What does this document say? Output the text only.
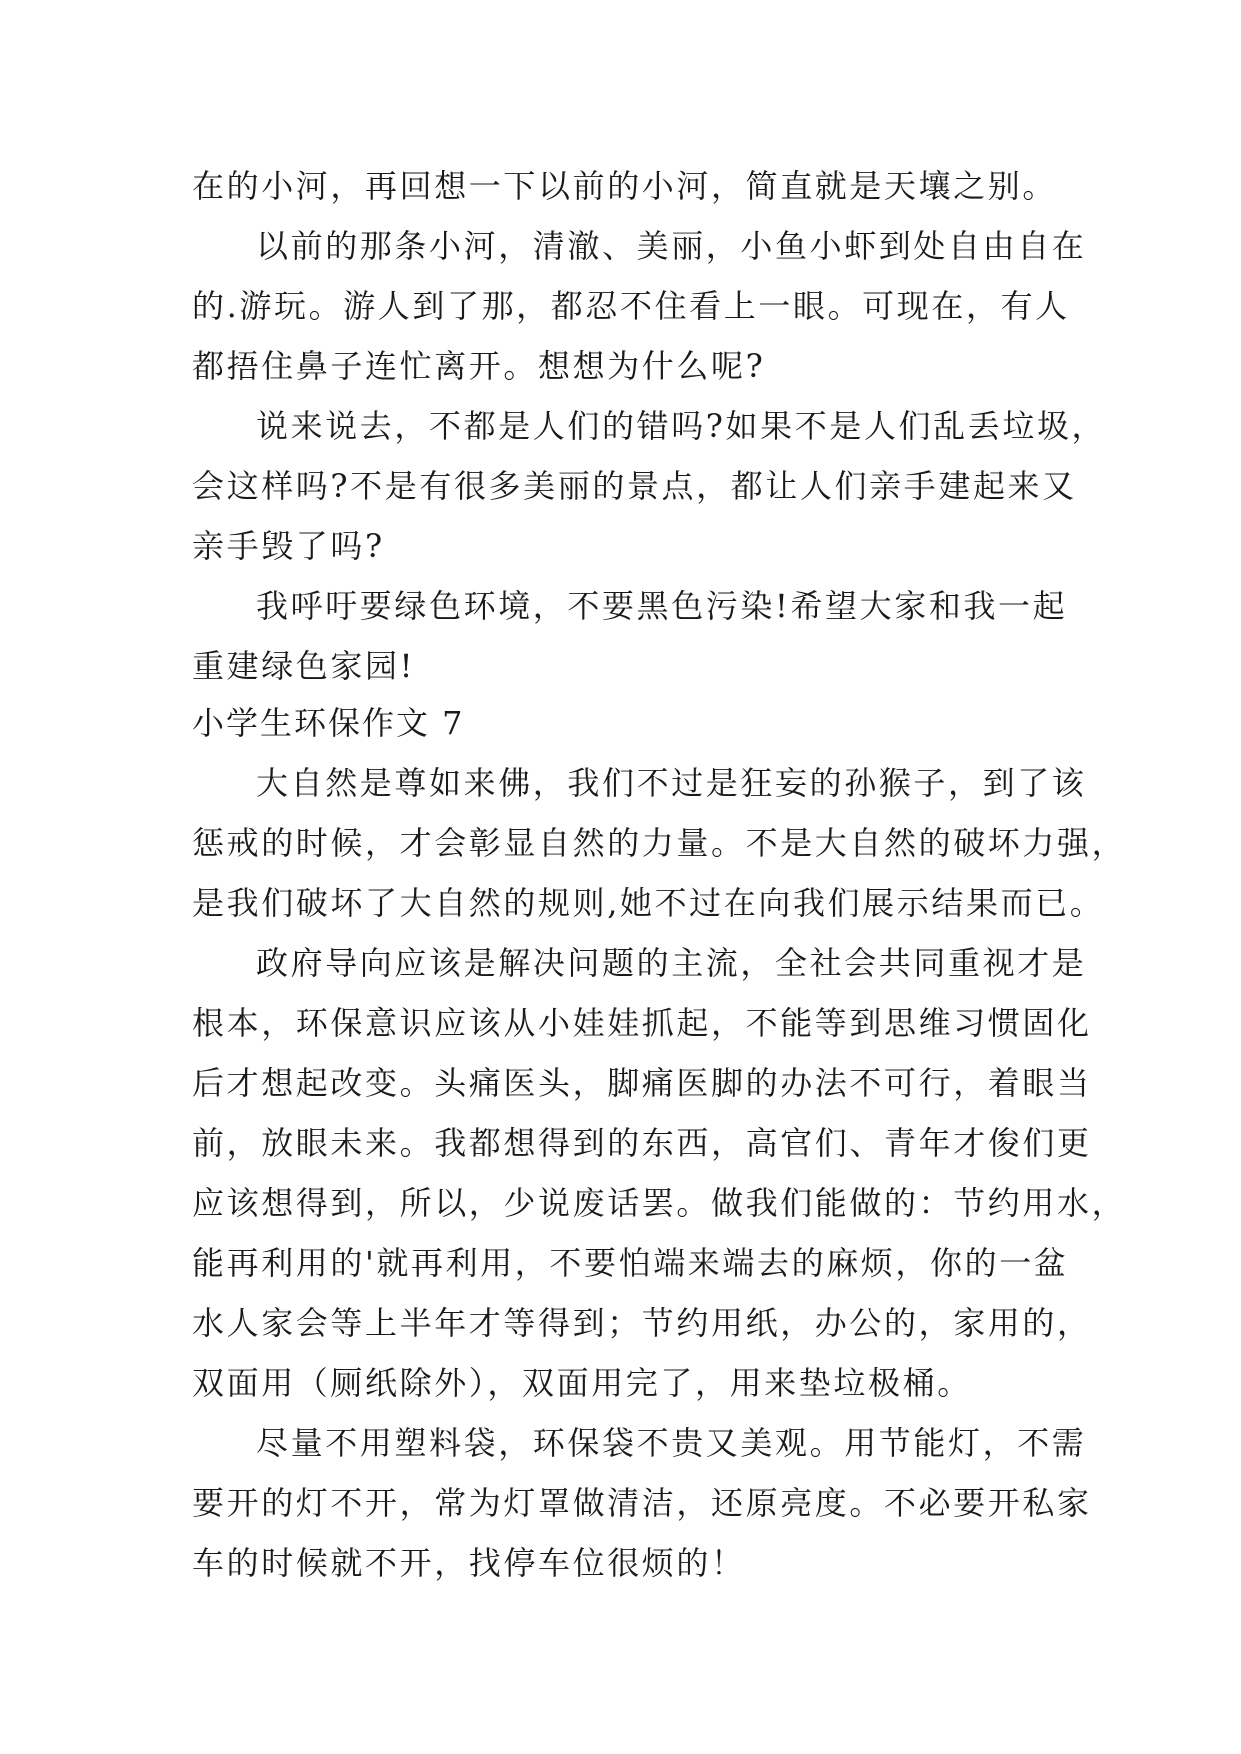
在的小河，再回想一下以前的小河，简直就是天壤之别。
以前的那条小河，清澈、美丽，小鱼小虾到处自由自在
的.游玩。游人到了那，都忍不住看上一眼。可现在，有人
都捂住鼻子连忙离开。想想为什么呢?
说来说去，不都是人们的错吗?如果不是人们乱丢垃圾，
会这样吗?不是有很多美丽的景点，都让人们亲手建起来又
亲手毁了吗?
我呼吁要绿色环境，不要黑色污染!希望大家和我一起
重建绿色家园!
小学生环保作文 7
大自然是尊如来佛，我们不过是狂妄的孙猴子，到了该
惩戒的时候，才会彰显自然的力量。不是大自然的破坏力强，
是我们破坏了大自然的规则,她不过在向我们展示结果而已。
政府导向应该是解决问题的主流，全社会共同重视才是
根本，环保意识应该从小娃娃抓起，不能等到思维习惯固化
后才想起改变。头痛医头，脚痛医脚的办法不可行，着眼当
前，放眼未来。我都想得到的东西，高官们、青年才俊们更
应该想得到，所以，少说废话罢。做我们能做的：节约用水，
能再利用的'就再利用，不要怕端来端去的麻烦，你的一盆
水人家会等上半年才等得到；节约用纸，办公的，家用的，
双面用（厕纸除外），双面用完了，用来垫垃极桶。
尽量不用塑料袋，环保袋不贵又美观。用节能灯，不需
要开的灯不开，常为灯罩做清洁，还原亮度。不必要开私家
车的时候就不开，找停车位很烦的！
